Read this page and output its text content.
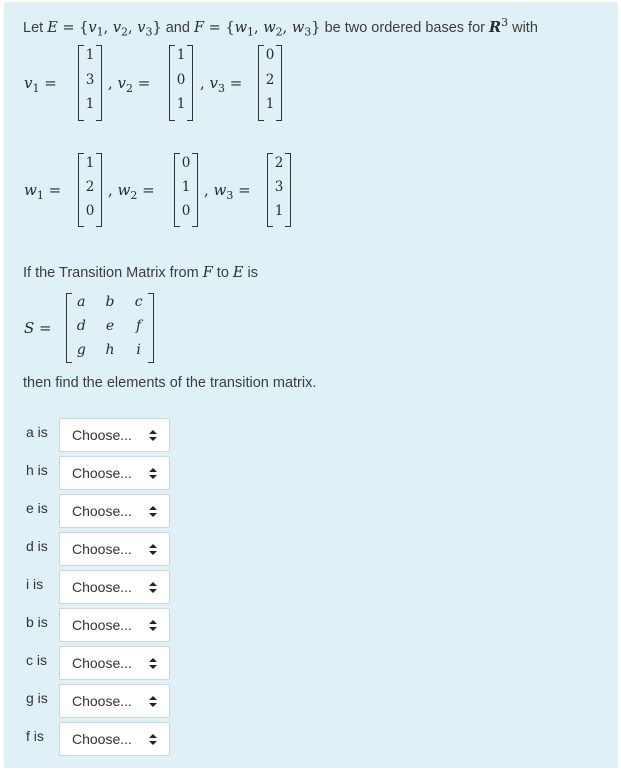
Let $E = \{v_1$, $v_2$, $v_3$} and $F = \{w_1$, $w_2$, $w_3$} be two ordered bases for $R^3$ with
$v_1$ =
1
3
1
, $v_2$ =
1
0
1
, $v_3$ =
0
2
1
$w_1$ =
1
2
0
, $w_2$ =
0
1
0
, $w_3$ =
2
3
1
If the Transition Matrix from F to E is
S =
a	b	c
d	e	f
g	h	i
then find the elements of the transition matrix.
a is	Choose...
h is	Choose...
e is	Choose...
d is	Choose...
i is	Choose...
b is	Choose...
c is	Choose...
g is	Choose...
f is	Choose...
